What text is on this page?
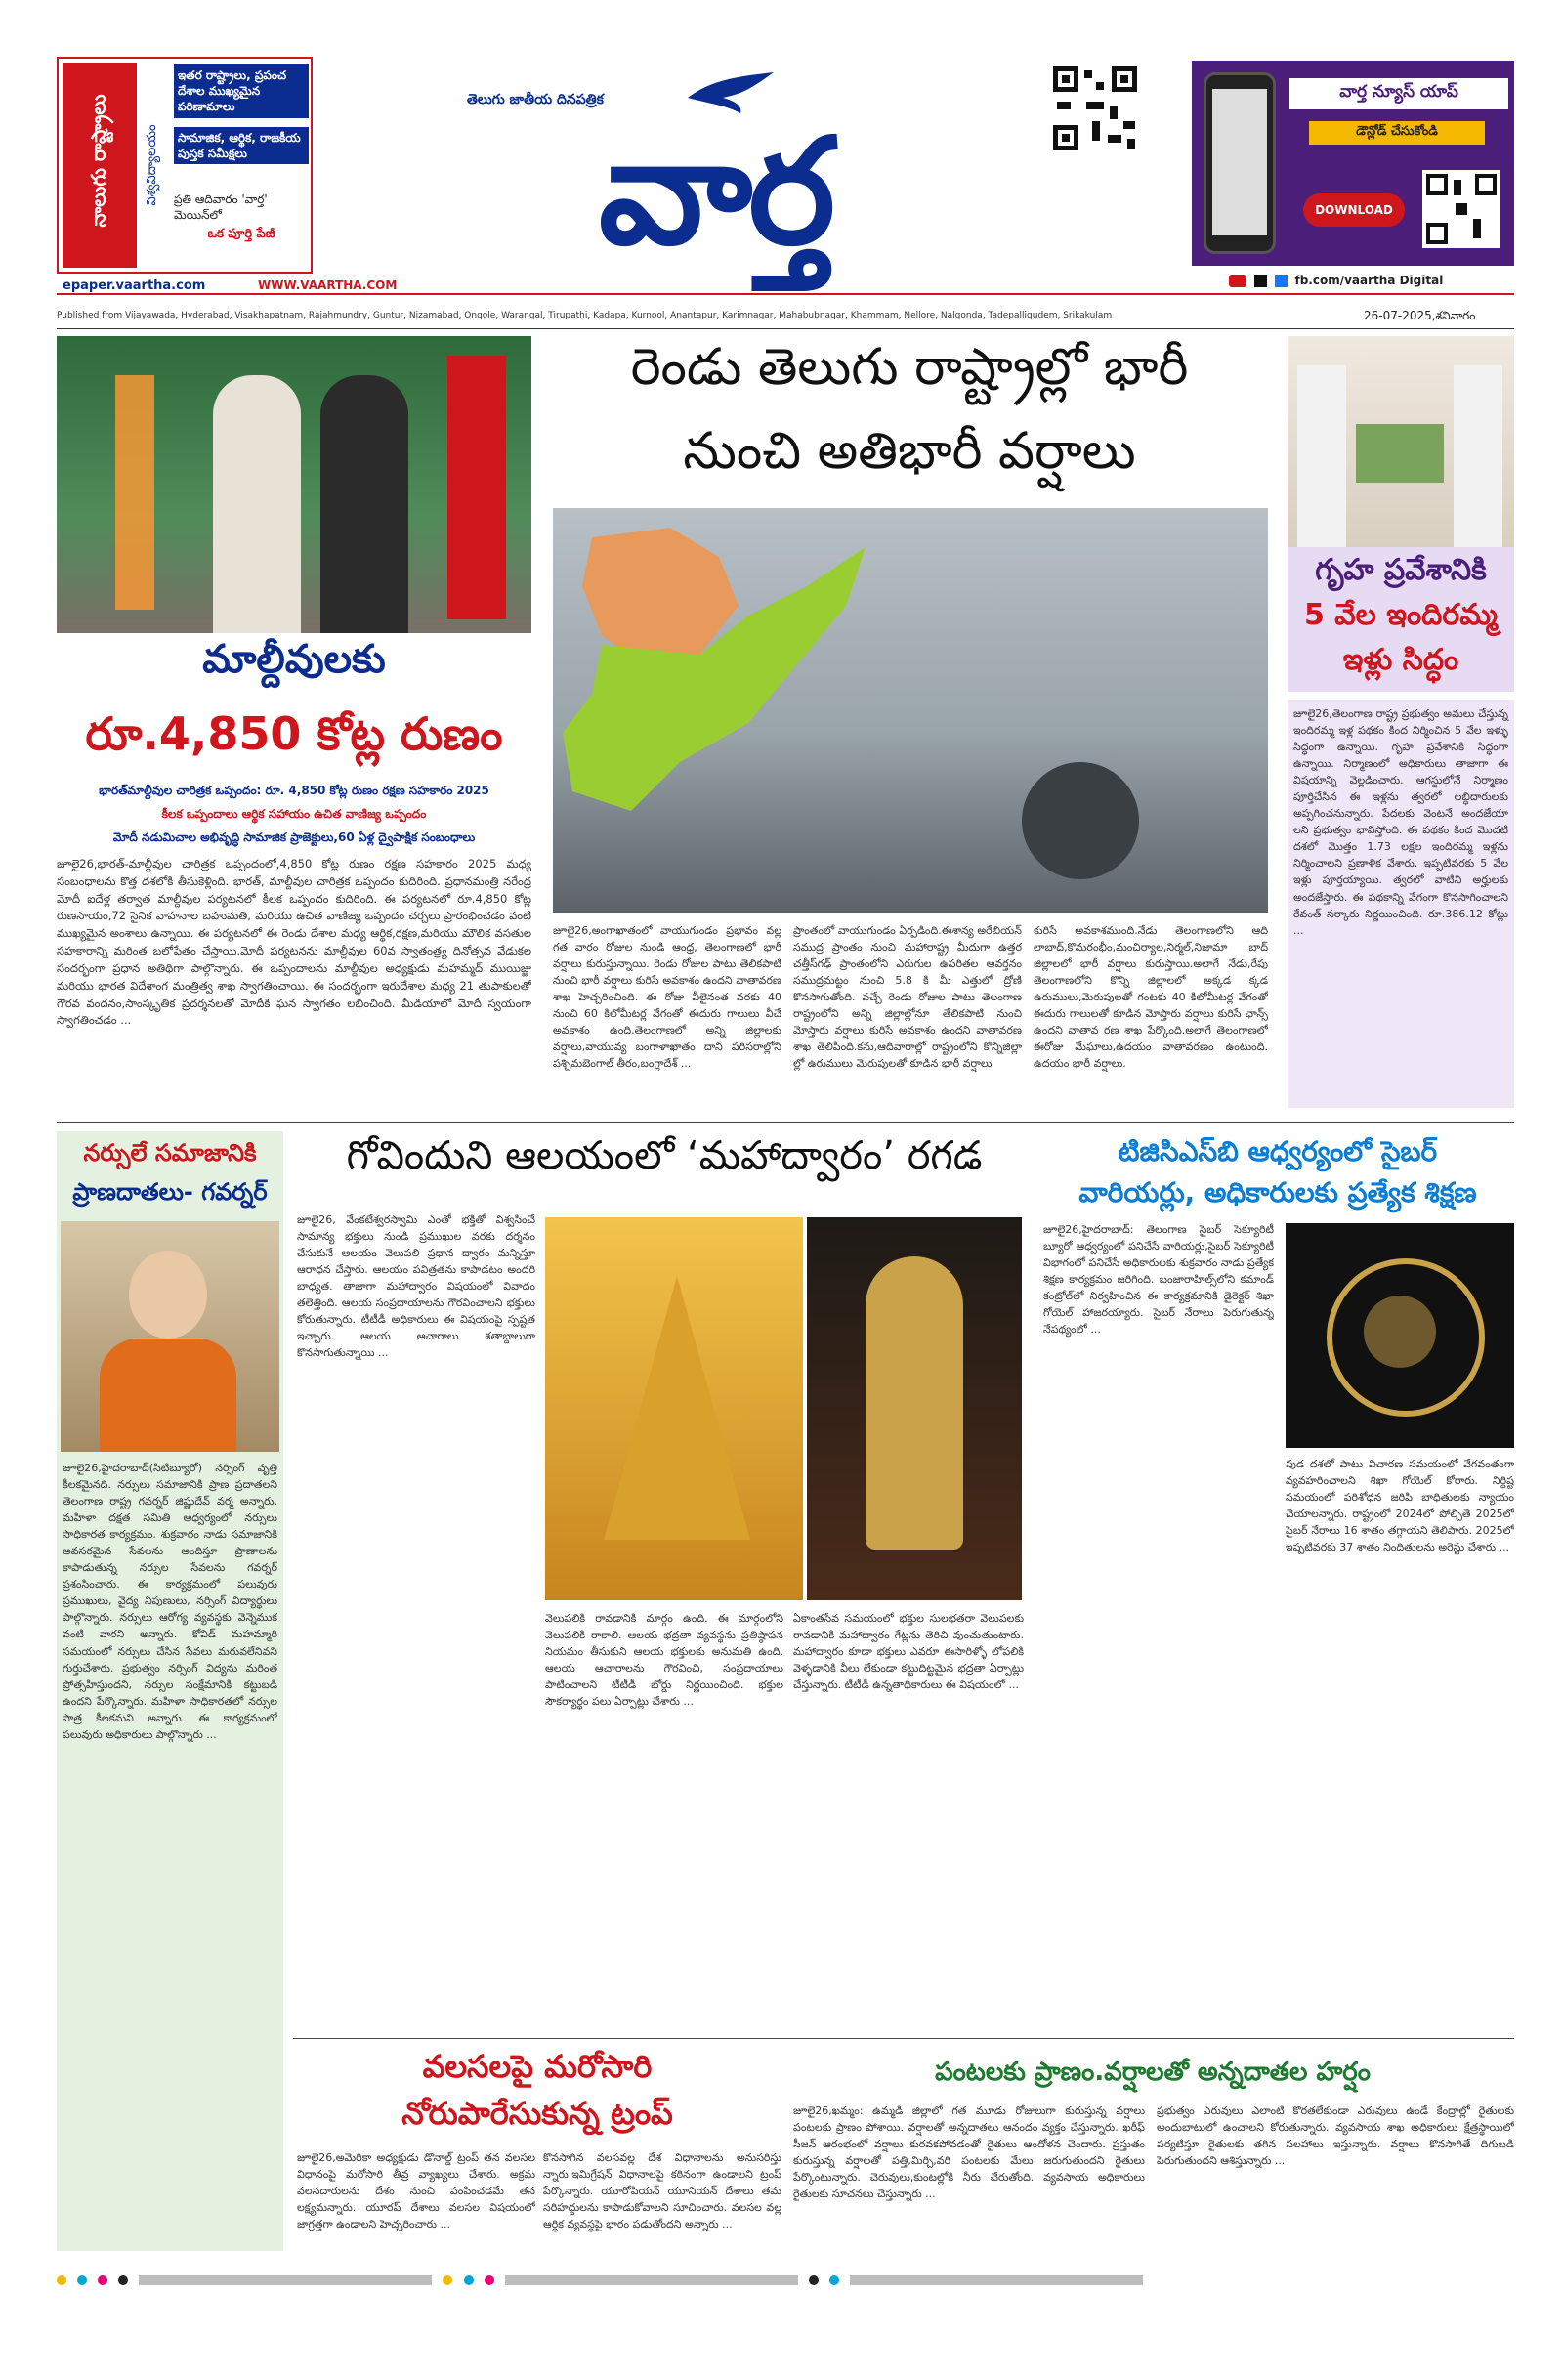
నాలుగు రాష్ట్రాలు	విశ్వవిద్యాలయం
ఇతర రాష్ట్రాలు, ప్రపంచ దేశాల ముఖ్యమైన పరిణామాలు
సామాజిక, ఆర్థిక, రాజకీయ పుస్తక సమీక్షలు
ప్రతి ఆదివారం 'వార్త' మెయిన్‌లో
ఒక పూర్తి పేజీ
epaper.vaartha.com	WWW.VAARTHA.COM
తెలుగు జాతీయ దినపత్రిక
వార్త
వార్త న్యూస్ యాప్
డౌన్లోడ్ చేసుకోండి
DOWNLOAD
fb.com/vaartha Digital
Published from Vijayawada, Hyderabad, Visakhapatnam, Rajahmundry, Guntur, Nizamabad, Ongole, Warangal, Tirupathi, Kadapa, Kurnool, Anantapur, Karimnagar, Mahabubnagar, Khammam, Nellore, Nalgonda, Tadepalligudem, Srikakulam	26-07-2025,శనివారం
మాల్దీవులకు
రూ.4,850 కోట్ల రుణం
భారత్‌మాల్దీవుల చారిత్రక ఒప్పందం: రూ. 4,850 కోట్ల రుణం రక్షణ సహకారం 2025
కీలక ఒప్పందాలు ఆర్థిక సహాయం ఉచిత వాణిజ్య ఒప్పందం
మోదీ నడుమిచాల అభివృద్ధి సామాజిక ప్రాజెక్టులు,60 ఏళ్ల ద్వైపాక్షిక సంబంధాలు
జూలై26,భారత్-మాల్దీవుల చారిత్రక ఒప్పందంలో,4,850 కోట్ల రుణం రక్షణ సహకారం 2025 మధ్య సంబంధాలను కొత్త దశలోకి తీసుకెళ్లింది. భారత్, మాల్దీవుల చారిత్రక ఒప్పందం కుదిరింది. ప్రధానమంత్రి నరేంద్ర మోదీ ఐదేళ్ల తర్వాత మాల్దీవుల పర్యటనలో కీలక ఒప్పందం కుదిరింది. ఈ పర్యటనలో రూ.4,850 కోట్ల రుణసాయం,72 సైనిక వాహనాల బహుమతి, మరియు ఉచిత వాణిజ్య ఒప్పందం చర్చలు ప్రారంభించడం వంటి ముఖ్యమైన అంశాలు ఉన్నాయి. ఈ పర్యటనలో ఈ రెండు దేశాల మధ్య ఆర్థిక,రక్షణ,మరియు మౌలిక వసతుల సహకారాన్ని మరింత బలోపేతం చేస్తాయి.మోదీ పర్యటనను మాల్దీవుల 60వ స్వాతంత్ర్య దినోత్సవ వేడుకల సందర్భంగా ప్రధాన అతిథిగా పాల్గొన్నారు. ఈ ఒప్పందాలను మాల్దీవుల అధ్యక్షుడు మహమ్మద్ ముయిజ్జు మరియు భారత విదేశాంగ మంత్రిత్వ శాఖ స్వాగతించాయి. ఈ సందర్భంగా ఇరుదేశాల మధ్య 21 తుపాకులతో గౌరవ వందనం,సాంస్కృతిక ప్రదర్శనలతో మోదీకి ఘన స్వాగతం లభించింది. మీడియాలో మోదీ స్వయంగా స్వాగతించడం ...
రెండు తెలుగు రాష్ట్రాల్లో భారీ
నుంచి అతిభారీ వర్షాలు
జూలై26,అంగాఖాతంలో వాయుగుండం ప్రభావం వల్ల గత వారం రోజుల నుండి ఆంధ్ర, తెలంగాణలో భారీ వర్షాలు కురుస్తున్నాయి. రెండు రోజుల పాటు తెలికపాటి నుంచి భారీ వర్షాలు కురిసే అవకాశం ఉందని వాతావరణ శాఖ హెచ్చరించింది. ఈ రోజు వీలైనంత వరకు 40 నుంచి 60 కిలోమీటర్ల వేగంతో ఈదురు గాలులు వీచే అవకాశం ఉంది.తెలంగాణలో అన్ని జిల్లాలకు వర్షాలు,వాయువ్య బంగాళాఖాతం దాని పరిసరాల్లోని పశ్చిమబెంగాల్ తీరం,బంగ్లాదేశ్ ...
ప్రాంతంలో వాయుగుండం ఏర్పడింది.ఈశాన్య అరేబియన్ సముద్ర ప్రాంతం నుంచి మహారాష్ట్ర మీదుగా ఉత్తర చత్తీస్‌గఢ్ ప్రాంతంలోని ఎరుగుల ఉపరితల ఆవర్తనం సముద్రమట్టం నుంచి 5.8 కి మీ ఎత్తులో ద్రోణి కొనసాగుతోంది. వచ్చే రెండు రోజుల పాటు తెలంగాణ రాష్ట్రంలోని అన్ని జిల్లాల్లోనూ తేలికపాటి నుంచి మోస్తారు వర్షాలు కురిసే అవకాశం ఉందని వాతావరణ శాఖ తెలిపింది.కను,ఆదివారాల్లో రాష్ట్రంలోని కొన్నిజిల్లా ల్లో ఉరుములు మెరుపులతో కూడిన భారీ వర్షాలు
కురిసే అవకాశముంది.నేడు తెలంగాణలోని ఆది లాబాద్,కొమరంభీం,మంచిర్యాల,నిర్మల్,నిజామా బాద్ జిల్లాలలో భారీ వర్షాలు కురుస్తాయి.అలాగే నేడు,రేపు తెలంగాణలోని కొన్ని జిల్లాలలో అక్కడ క్కడ ఉరుములు,మెరుపులతో గంటకు 40 కిలోమీటర్ల వేగంతో ఈదురు గాలులతో కూడిన మోస్తారు వర్షాలు కురిసే ఛాన్స్ ఉందని వాతావ రణ శాఖ పేర్కొంది.అలాగే తెలంగాణలో ఈరోజు మేఘాలు,ఉదయం వాతావరణం ఉంటుంది. ఉదయం భారీ వర్షాలు.
గృహ ప్రవేశానికి
5 వేల ఇందిరమ్మ
ఇళ్లు సిద్ధం
జూలై26,తెలంగాణ రాష్ట్ర ప్రభుత్వం అమలు చేస్తున్న ఇందిరమ్మ ఇళ్ల పథకం కింద నిర్మించిన 5 వేల ఇళ్ళు సిద్ధంగా ఉన్నాయి. గృహ ప్రవేశానికి సిద్ధంగా ఉన్నాయి. నిర్మాణంలో అధికారులు తాజాగా ఈ విషయాన్ని వెల్లడించారు. ఆగస్టులోనే నిర్మాణం పూర్తిచేసిన ఈ ఇళ్లను త్వరలో లబ్ధిదారులకు అప్పగించనున్నారు. పేదలకు వెంటనే అందజేయా లని ప్రభుత్వం భావిస్తోంది. ఈ పథకం కింద మొదటి దశలో మొత్తం 1.73 లక్షల ఇందిరమ్మ ఇళ్లను నిర్మించాలని ప్రణాళిక వేశారు. ఇప్పటివరకు 5 వేల ఇళ్లు పూర్తయ్యాయి. త్వరలో వాటిని అర్హులకు అందజేస్తారు. ఈ పథకాన్ని వేగంగా కొనసాగించాలని రేవంత్ సర్కారు నిర్ణయించింది. రూ.386.12 కోట్లు ...
నర్సులే సమాజానికి
ప్రాణదాతలు- గవర్నర్
జూలై26,హైదరాబాద్(సిటిబ్యూరో) నర్సింగ్ వృత్తి కీలకమైనది. నర్సులు సమాజానికి ప్రాణ ప్రదాతలని తెలంగాణ రాష్ట్ర గవర్నర్ జిష్ణుదేవ్ వర్మ అన్నారు. మహిళా దక్షత సమితి ఆధ్వర్యంలో నర్సులు సాధికారత కార్యక్రమం. శుక్రవారం నాడు సమాజానికి అవసరమైన సేవలను అందిస్తూ ప్రాణాలను కాపాడుతున్న నర్సుల సేవలను గవర్నర్ ప్రశంసించారు. ఈ కార్యక్రమంలో పలువురు ప్రముఖులు, వైద్య నిపుణులు, నర్సింగ్ విద్యార్థులు పాల్గొన్నారు. నర్సులు ఆరోగ్య వ్యవస్థకు వెన్నెముక వంటి వారని అన్నారు. కోవిడ్ మహమ్మారి సమయంలో నర్సులు చేసిన సేవలు మరువలేనివని గుర్తుచేశారు. ప్రభుత్వం నర్సింగ్ విద్యను మరింత ప్రోత్సహిస్తుందని, నర్సుల సంక్షేమానికి కట్టుబడి ఉందని పేర్కొన్నారు. మహిళా సాధికారతలో నర్సుల పాత్ర కీలకమని అన్నారు. ఈ కార్యక్రమంలో పలువురు అధికారులు పాల్గొన్నారు ...
గోవిందుని ఆలయంలో ‘మహాద్వారం’ రగడ
జూలై26, వేంకటేశ్వరస్వామి ఎంతో భక్తితో విశ్వసించే సామాన్య భక్తులు నుండి ప్రముఖుల వరకు దర్శనం చేసుకునే ఆలయం వెలుపలి ప్రధాన ద్వారం మన్నిస్తూ ఆరాధన చేస్తారు. ఆలయం పవిత్రతను కాపాడటం అందరి బాధ్యత. తాజాగా మహాద్వారం విషయంలో వివాదం తలెత్తింది. ఆలయ సంప్రదాయాలను గౌరవించాలని భక్తులు కోరుతున్నారు. టీటీడీ అధికారులు ఈ విషయంపై స్పష్టత ఇచ్చారు. ఆలయ ఆచారాలు శతాబ్దాలుగా కొనసాగుతున్నాయి ...
వెలుపలికి రావడానికి మార్గం ఉంది. ఈ మార్గంలోని వెలుపలికి రాకాలి. ఆలయ భద్రతా వ్యవస్థను ప్రతిష్ఠాపన నియమం తీసుకుని ఆలయ భక్తులకు అనుమతి ఉంది. ఆలయ ఆచారాలను గౌరవించి, సంప్రదాయాలు పాటించాలని టీటీడీ బోర్డు నిర్ణయించింది. భక్తుల సౌకర్యార్థం పలు ఏర్పాట్లు చేశారు ...
ఏకాంతసేవ సమయంలో భక్తుల సులభతరా వెలుపలకు రావడానికి మహాద్వారం గేట్లను తెరిచి వుంచుతుంటారు. మహాద్వారం కూడా భక్తులు ఎవరూ ఈసారిళ్ళో లోపలికి వెళ్ళడానికి వీలు లేకుండా కట్టుదిట్టమైన భద్రతా ఏర్పాట్లు చేస్తున్నారు. టీటీడీ ఉన్నతాధికారులు ఈ విషయంలో ...
టిజిసిఎస్‌బి ఆధ్వర్యంలో సైబర్
వారియర్లు, అధికారులకు ప్రత్యేక శిక్షణ
జూలై26,హైదరాబాద్: తెలంగాణ సైబర్ సెక్యూరిటీ బ్యూరో ఆధ్వర్యంలో పనిచేసే వారియర్లు,సైబర్ సెక్యూరిటీ విభాగంలో పనిచేసే అధికారులకు శుక్రవారం నాడు ప్రత్యేక శిక్షణ కార్యక్రమం జరిగింది. బంజారాహిల్స్‌లోని కమాండ్ కంట్రోల్‌లో నిర్వహించిన ఈ కార్యక్రమానికి డైరెక్టర్ శిఖా గోయెల్ హాజరయ్యారు. సైబర్ నేరాలు పెరుగుతున్న నేపథ్యంలో ...
పుడ దశలో పాటు విచారణ సమయంలో వేగవంతంగా వ్యవహరించాలని శిఖా గోయెల్ కోరారు. నిర్దిష్ట సమయంలో పరిశోధన జరిపి బాధితులకు న్యాయం చేయాలన్నారు. రాష్ట్రంలో 2024లో పోల్చితే 2025లో సైబర్ నేరాలు 16 శాతం తగ్గాయని తెలిపారు. 2025లో ఇప్పటివరకు 37 శాతం నిందితులను అరెస్టు చేశారు ...
వలసలపై మరోసారి
నోరుపారేసుకున్న ట్రంప్
జూలై26,అమెరికా అధ్యక్షుడు డొనాల్డ్ ట్రంప్ తన వలసల విధానంపై మరోసారి తీవ్ర వ్యాఖ్యలు చేశారు. అక్రమ వలసదారులను దేశం నుంచి పంపించడమే తన లక్ష్యమన్నారు. యూరప్ దేశాలు వలసల విషయంలో జాగ్రత్తగా ఉండాలని హెచ్చరించారు ...
కొనసాగిన వలసవల్ల దేశ విధానాలను అనుసరిస్తు న్నారు.ఇమిగ్రేషన్ విధానాలపై కఠినంగా ఉండాలని ట్రంప్ పేర్కొన్నారు. యూరోపియన్ యూనియన్ దేశాలు తమ సరిహద్దులను కాపాడుకోవాలని సూచించారు. వలసల వల్ల ఆర్థిక వ్యవస్థపై భారం పడుతోందని అన్నారు ...
పంటలకు ప్రాణం.వర్షాలతో అన్నదాతల హర్షం
జూలై26,ఖమ్మం: ఉమ్మడి జిల్లాలో గత మూడు రోజులుగా కురుస్తున్న వర్షాలు పంటలకు ప్రాణం పోశాయి. వర్షాలతో అన్నదాతలు ఆనందం వ్యక్తం చేస్తున్నారు. ఖరీఫ్ సీజన్ ఆరంభంలో వర్షాలు కురవకపోవడంతో రైతులు ఆందోళన చెందారు. ప్రస్తుతం కురుస్తున్న వర్షాలతో పత్తి,మిర్చి,వరి పంటలకు మేలు జరుగుతుందని రైతులు పేర్కొంటున్నారు. చెరువులు,కుంటల్లోకి నీరు చేరుతోంది. వ్యవసాయ అధికారులు రైతులకు సూచనలు చేస్తున్నారు ...
ప్రభుత్వం ఎరువులు ఎలాంటి కొరతలేకుండా ఎరువులు ఉండే కేంద్రాల్లో రైతులకు అందుబాటులో ఉంచాలని కోరుతున్నారు. వ్యవసాయ శాఖ అధికారులు క్షేత్రస్థాయిలో పర్యటిస్తూ రైతులకు తగిన సలహాలు ఇస్తున్నారు. వర్షాలు కొనసాగితే దిగుబడి పెరుగుతుందని ఆశిస్తున్నారు ...
